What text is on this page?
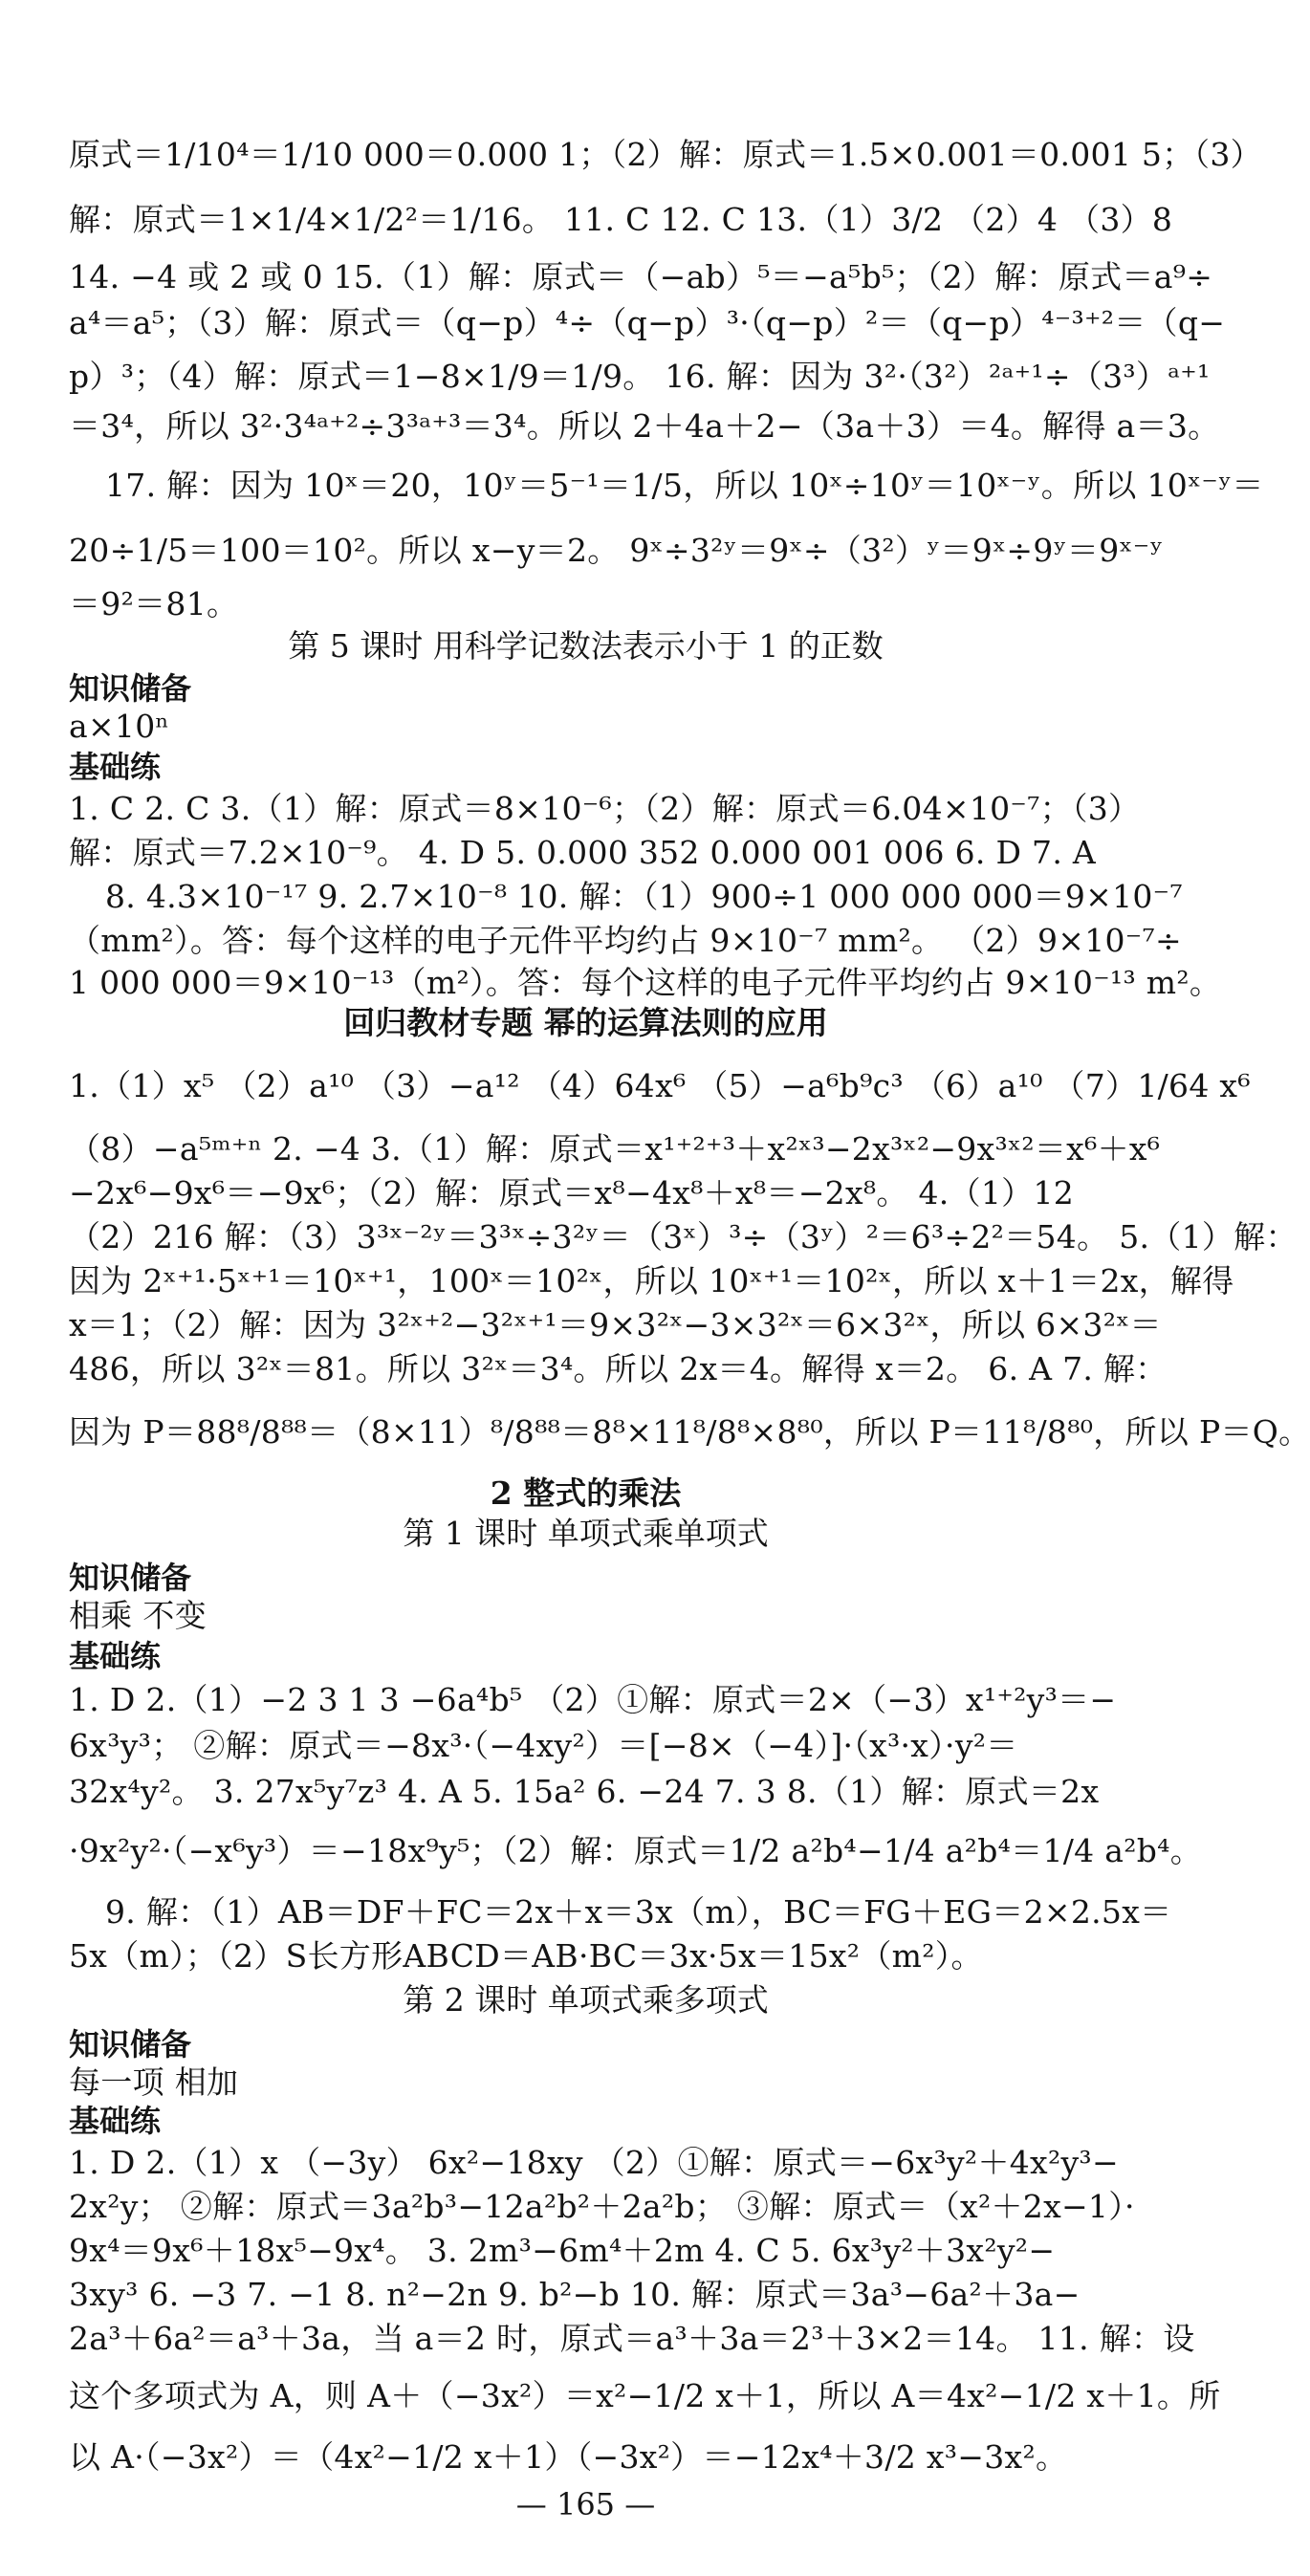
原式＝1/10⁴＝1/10 000＝0.000 1；（2）解：原式＝1.5×0.001＝0.001 5；（3）
解：原式＝1×1/4×1/2²＝1/16。 11. C 12. C 13.（1）3/2 （2）4 （3）8
14. −4 或 2 或 0 15.（1）解：原式＝（−ab）⁵＝−a⁵b⁵；（2）解：原式＝a⁹÷
a⁴＝a⁵；（3）解：原式＝（q−p）⁴÷（q−p）³·（q−p）²＝（q−p）⁴⁻³⁺²＝（q−
p）³；（4）解：原式＝1−8×1/9＝1/9。 16. 解：因为 3²·（3²）²ᵃ⁺¹÷（3³）ᵃ⁺¹
＝3⁴，所以 3²·3⁴ᵃ⁺²÷3³ᵃ⁺³＝3⁴。所以 2＋4a＋2−（3a＋3）＝4。解得 a＝3。
17. 解：因为 10ˣ＝20，10ʸ＝5⁻¹＝1/5，所以 10ˣ÷10ʸ＝10ˣ⁻ʸ。所以 10ˣ⁻ʸ＝
20÷1/5＝100＝10²。所以 x−y＝2。 9ˣ÷3²ʸ＝9ˣ÷（3²）ʸ＝9ˣ÷9ʸ＝9ˣ⁻ʸ
＝9²＝81。
第 5 课时 用科学记数法表示小于 1 的正数
知识储备
a×10ⁿ
基础练
1. C 2. C 3.（1）解：原式＝8×10⁻⁶；（2）解：原式＝6.04×10⁻⁷；（3）
解：原式＝7.2×10⁻⁹。 4. D 5. 0.000 352 0.000 001 006 6. D 7. A
8. 4.3×10⁻¹⁷ 9. 2.7×10⁻⁸ 10. 解：（1）900÷1 000 000 000＝9×10⁻⁷
（mm²）。答：每个这样的电子元件平均约占 9×10⁻⁷ mm²。 （2）9×10⁻⁷÷
1 000 000＝9×10⁻¹³（m²）。答：每个这样的电子元件平均约占 9×10⁻¹³ m²。
回归教材专题 幂的运算法则的应用
1.（1）x⁵ （2）a¹⁰ （3）−a¹² （4）64x⁶ （5）−a⁶b⁹c³ （6）a¹⁰ （7）1/64 x⁶
（8）−a⁵ᵐ⁺ⁿ 2. −4 3.（1）解：原式＝x¹⁺²⁺³＋x²ˣ³−2x³ˣ²−9x³ˣ²＝x⁶＋x⁶
−2x⁶−9x⁶＝−9x⁶；（2）解：原式＝x⁸−4x⁸＋x⁸＝−2x⁸。 4.（1）12
（2）216 解：（3）3³ˣ⁻²ʸ＝3³ˣ÷3²ʸ＝（3ˣ）³÷（3ʸ）²＝6³÷2²＝54。 5.（1）解：
因为 2ˣ⁺¹·5ˣ⁺¹＝10ˣ⁺¹，100ˣ＝10²ˣ，所以 10ˣ⁺¹＝10²ˣ，所以 x＋1＝2x，解得
x＝1；（2）解：因为 3²ˣ⁺²−3²ˣ⁺¹＝9×3²ˣ−3×3²ˣ＝6×3²ˣ，所以 6×3²ˣ＝
486，所以 3²ˣ＝81。所以 3²ˣ＝3⁴。所以 2x＝4。解得 x＝2。 6. A 7. 解：
因为 P＝88⁸/8⁸⁸＝（8×11）⁸/8⁸⁸＝8⁸×11⁸/8⁸×8⁸⁰，所以 P＝11⁸/8⁸⁰，所以 P＝Q。
2 整式的乘法
第 1 课时 单项式乘单项式
知识储备
相乘 不变
基础练
1. D 2.（1）−2 3 1 3 −6a⁴b⁵ （2）①解：原式＝2×（−3）x¹⁺²y³＝−
6x³y³； ②解：原式＝−8x³·（−4xy²）＝[−8×（−4）]·（x³·x）·y²＝
32x⁴y²。 3. 27x⁵y⁷z³ 4. A 5. 15a² 6. −24 7. 3 8.（1）解：原式＝2x
·9x²y²·（−x⁶y³）＝−18x⁹y⁵；（2）解：原式＝1/2 a²b⁴−1/4 a²b⁴＝1/4 a²b⁴。
9. 解：（1）AB＝DF＋FC＝2x＋x＝3x（m），BC＝FG＋EG＝2×2.5x＝
5x（m）；（2）S长方形ABCD＝AB·BC＝3x·5x＝15x²（m²）。
第 2 课时 单项式乘多项式
知识储备
每一项 相加
基础练
1. D 2.（1）x （−3y） 6x²−18xy （2）①解：原式＝−6x³y²＋4x²y³−
2x²y； ②解：原式＝3a²b³−12a²b²＋2a²b； ③解：原式＝（x²＋2x−1）·
9x⁴＝9x⁶＋18x⁵−9x⁴。 3. 2m³−6m⁴＋2m 4. C 5. 6x³y²＋3x²y²−
3xy³ 6. −3 7. −1 8. n²−2n 9. b²−b 10. 解：原式＝3a³−6a²＋3a−
2a³＋6a²＝a³＋3a，当 a＝2 时，原式＝a³＋3a＝2³＋3×2＝14。 11. 解：设
这个多项式为 A，则 A＋（−3x²）＝x²−1/2 x＋1，所以 A＝4x²−1/2 x＋1。所
以 A·（−3x²）＝（4x²−1/2 x＋1）（−3x²）＝−12x⁴＋3/2 x³−3x²。
— 165 —
